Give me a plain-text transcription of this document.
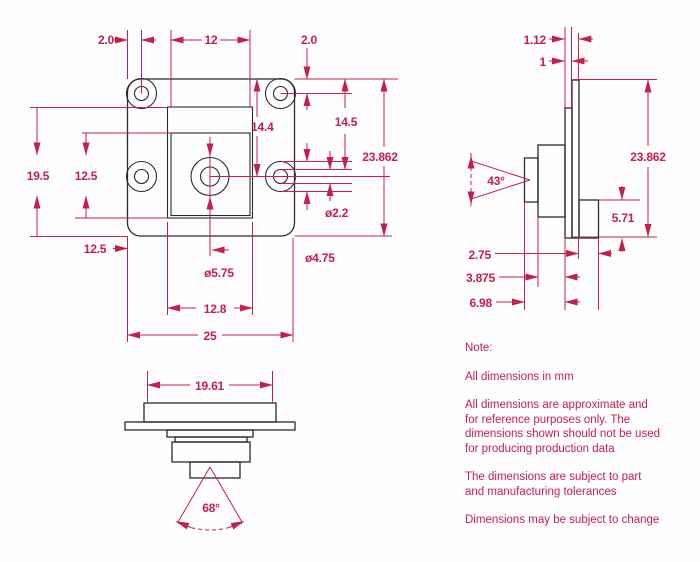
2.0	12	2.0
14.4	14.5
23.862
ø2.2
ø4.75
19.5 12.5
12.5
ø5.75
12.8
25
1.12
1
23.862
43°
5.71
2.75
3.875
6.98
19.61
68°

Note:

All dimensions in mm

All dimensions are approximate and for reference purposes only. The dimensions shown should not be used for producing production data

The dimensions are subject to part and manufacturing tolerances

Dimensions may be subject to change
